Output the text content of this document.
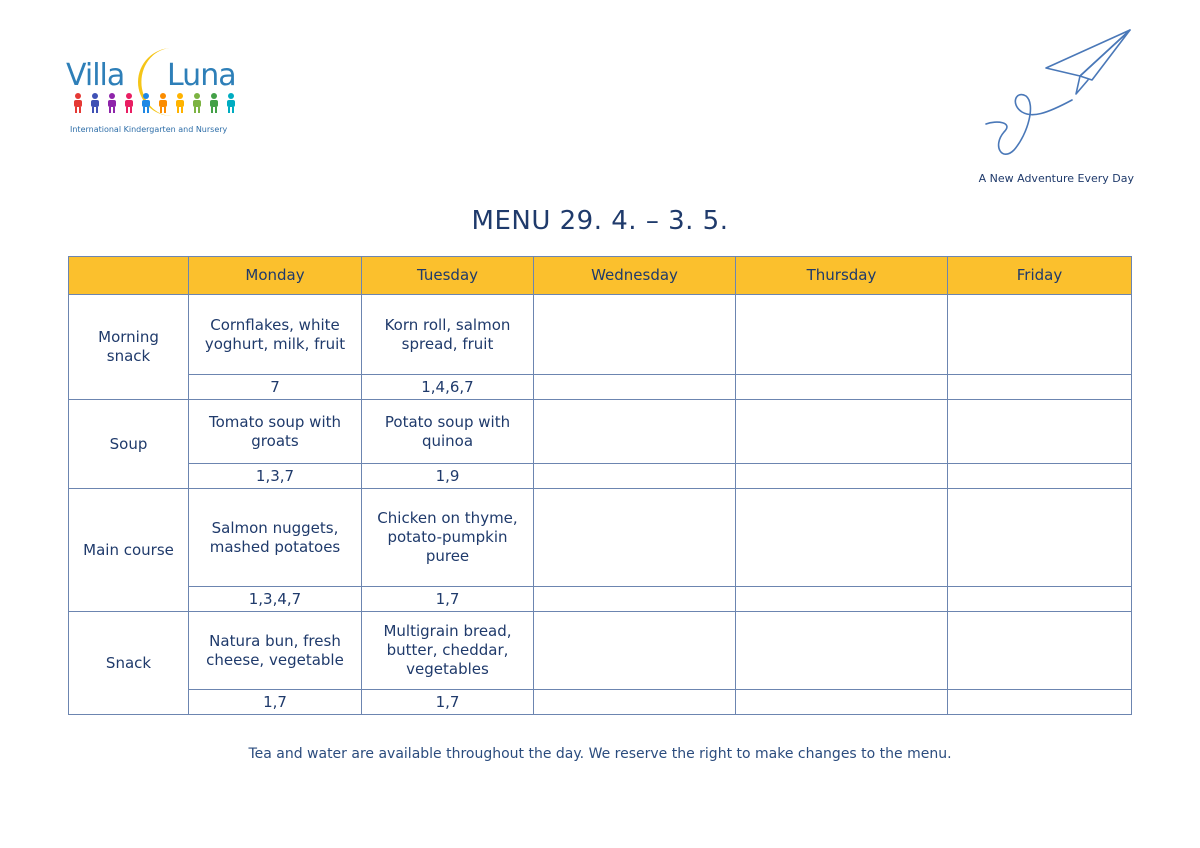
Villa Luna
International Kindergarten and Nursery
A New Adventure Every Day
MENU 29. 4. – 3. 5.
	Monday	Tuesday	Wednesday	Thursday	Friday
Morning snack	Cornflakes, white yoghurt, milk, fruit	Korn roll, salmon spread, fruit			
	7	1,4,6,7			
Soup	Tomato soup with groats	Potato soup with quinoa			
	1,3,7	1,9			
Main course	Salmon nuggets, mashed potatoes	Chicken on thyme, potato-pumpkin puree			
	1,3,4,7	1,7			
Snack	Natura bun, fresh cheese, vegetable	Multigrain bread, butter, cheddar, vegetables			
	1,7	1,7			
Tea and water are available throughout the day. We reserve the right to make changes to the menu.
